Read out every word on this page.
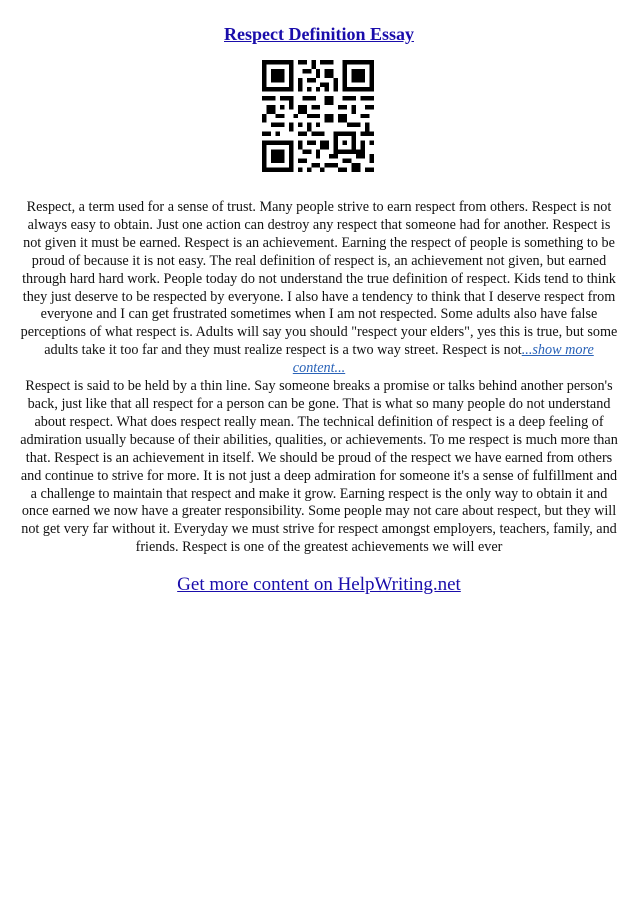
Respect Definition Essay

Respect, a term used for a sense of trust. Many people strive to earn respect from others. Respect is not always easy to obtain. Just one action can destroy any respect that someone had for another. Respect is not given it must be earned. Respect is an achievement. Earning the respect of people is something to be proud of because it is not easy. The real definition of respect is, an achievement not given, but earned through hard hard work. People today do not understand the true definition of respect. Kids tend to think they just deserve to be respected by everyone. I also have a tendency to think that I deserve respect from everyone and I can get frustrated sometimes when I am not respected. Some adults also have false perceptions of what respect is. Adults will say you should "respect your elders", yes this is true, but some adults take it too far and they must realize respect is a two way street. Respect is not...show more content...

Respect is said to be held by a thin line. Say someone breaks a promise or talks behind another person's back, just like that all respect for a person can be gone. That is what so many people do not understand about respect. What does respect really mean. The technical definition of respect is a deep feeling of admiration usually because of their abilities, qualities, or achievements. To me respect is much more than that. Respect is an achievement in itself. We should be proud of the respect we have earned from others and continue to strive for more. It is not just a deep admiration for someone it's a sense of fulfillment and a challenge to maintain that respect and make it grow. Earning respect is the only way to obtain it and once earned we now have a greater responsibility. Some people may not care about respect, but they will not get very far without it. Everyday we must strive for respect amongst employers, teachers, family, and friends. Respect is one of the greatest achievements we will ever

Get more content on HelpWriting.net
